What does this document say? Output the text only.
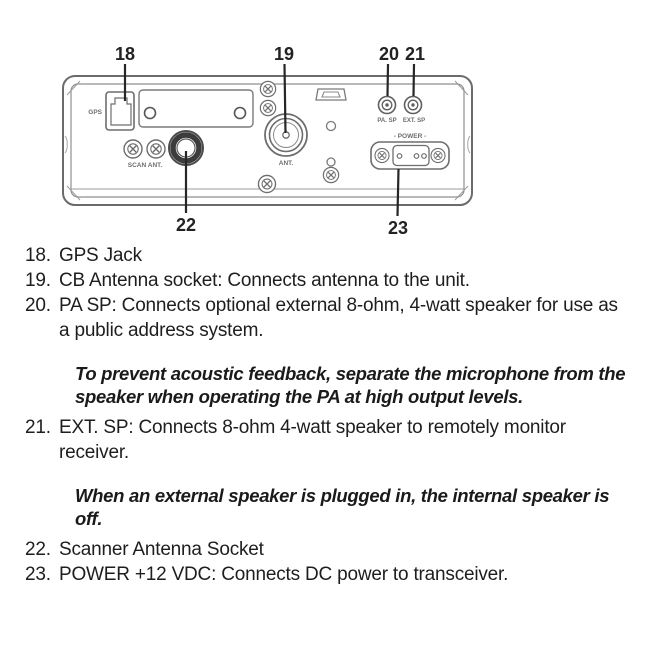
GPS
SCAN ANT.	ANT.
PA. SP EXT. SP
- POWER -
18	19	20 21
22	23
18. GPS Jack
19. CB Antenna socket: Connects antenna to the unit.
20. PA SP: Connects optional external 8-ohm, 4-watt speaker for use as a public address system.
To prevent acoustic feedback, separate the microphone from the speaker when operating the PA at high output levels.
21. EXT. SP: Connects 8-ohm 4-watt speaker to remotely monitor receiver.
When an external speaker is plugged in, the internal speaker is off.
22. Scanner Antenna Socket
23. POWER +12 VDC: Connects DC power to transceiver.
